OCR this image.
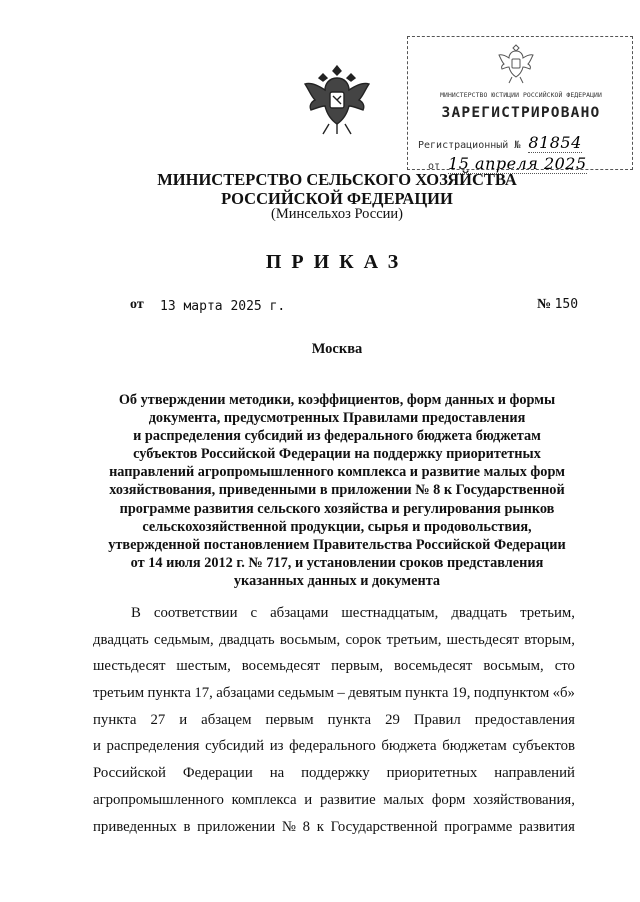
МИНИСТЕРСТВО ЮСТИЦИИ РОССИЙСКОЙ ФЕДЕРАЦИИ
ЗАРЕГИСТРИРОВАНО
Регистрационный № 81854
от 15 апреля 2025
МИНИСТЕРСТВО СЕЛЬСКОГО ХОЗЯЙСТВА
РОССИЙСКОЙ ФЕДЕРАЦИИ
(Минсельхоз России)
ПРИКАЗ
от 13 марта 2025 г.	№ 150
Москва
Об утверждении методики, коэффициентов, форм данных и формы
документа, предусмотренных Правилами предоставления
и распределения субсидий из федерального бюджета бюджетам
субъектов Российской Федерации на поддержку приоритетных
направлений агропромышленного комплекса и развитие малых форм
хозяйствования, приведенными в приложении № 8 к Государственной
программе развития сельского хозяйства и регулирования рынков
сельскохозяйственной продукции, сырья и продовольствия,
утвержденной постановлением Правительства Российской Федерации
от 14 июля 2012 г. № 717, и установлении сроков представления
указанных данных и документа
В соответствии с абзацами шестнадцатым, двадцать третьим,
двадцать седьмым, двадцать восьмым, сорок третьим, шестьдесят вторым,
шестьдесят шестым, восемьдесят первым, восемьдесят восьмым, сто
третьим пункта 17, абзацами седьмым – девятым пункта 19, подпунктом «б»
пункта 27 и абзацем первым пункта 29 Правил предоставления
и распределения субсидий из федерального бюджета бюджетам субъектов
Российской Федерации на поддержку приоритетных направлений
агропромышленного комплекса и развитие малых форм хозяйствования,
приведенных в приложении № 8 к Государственной программе развития
